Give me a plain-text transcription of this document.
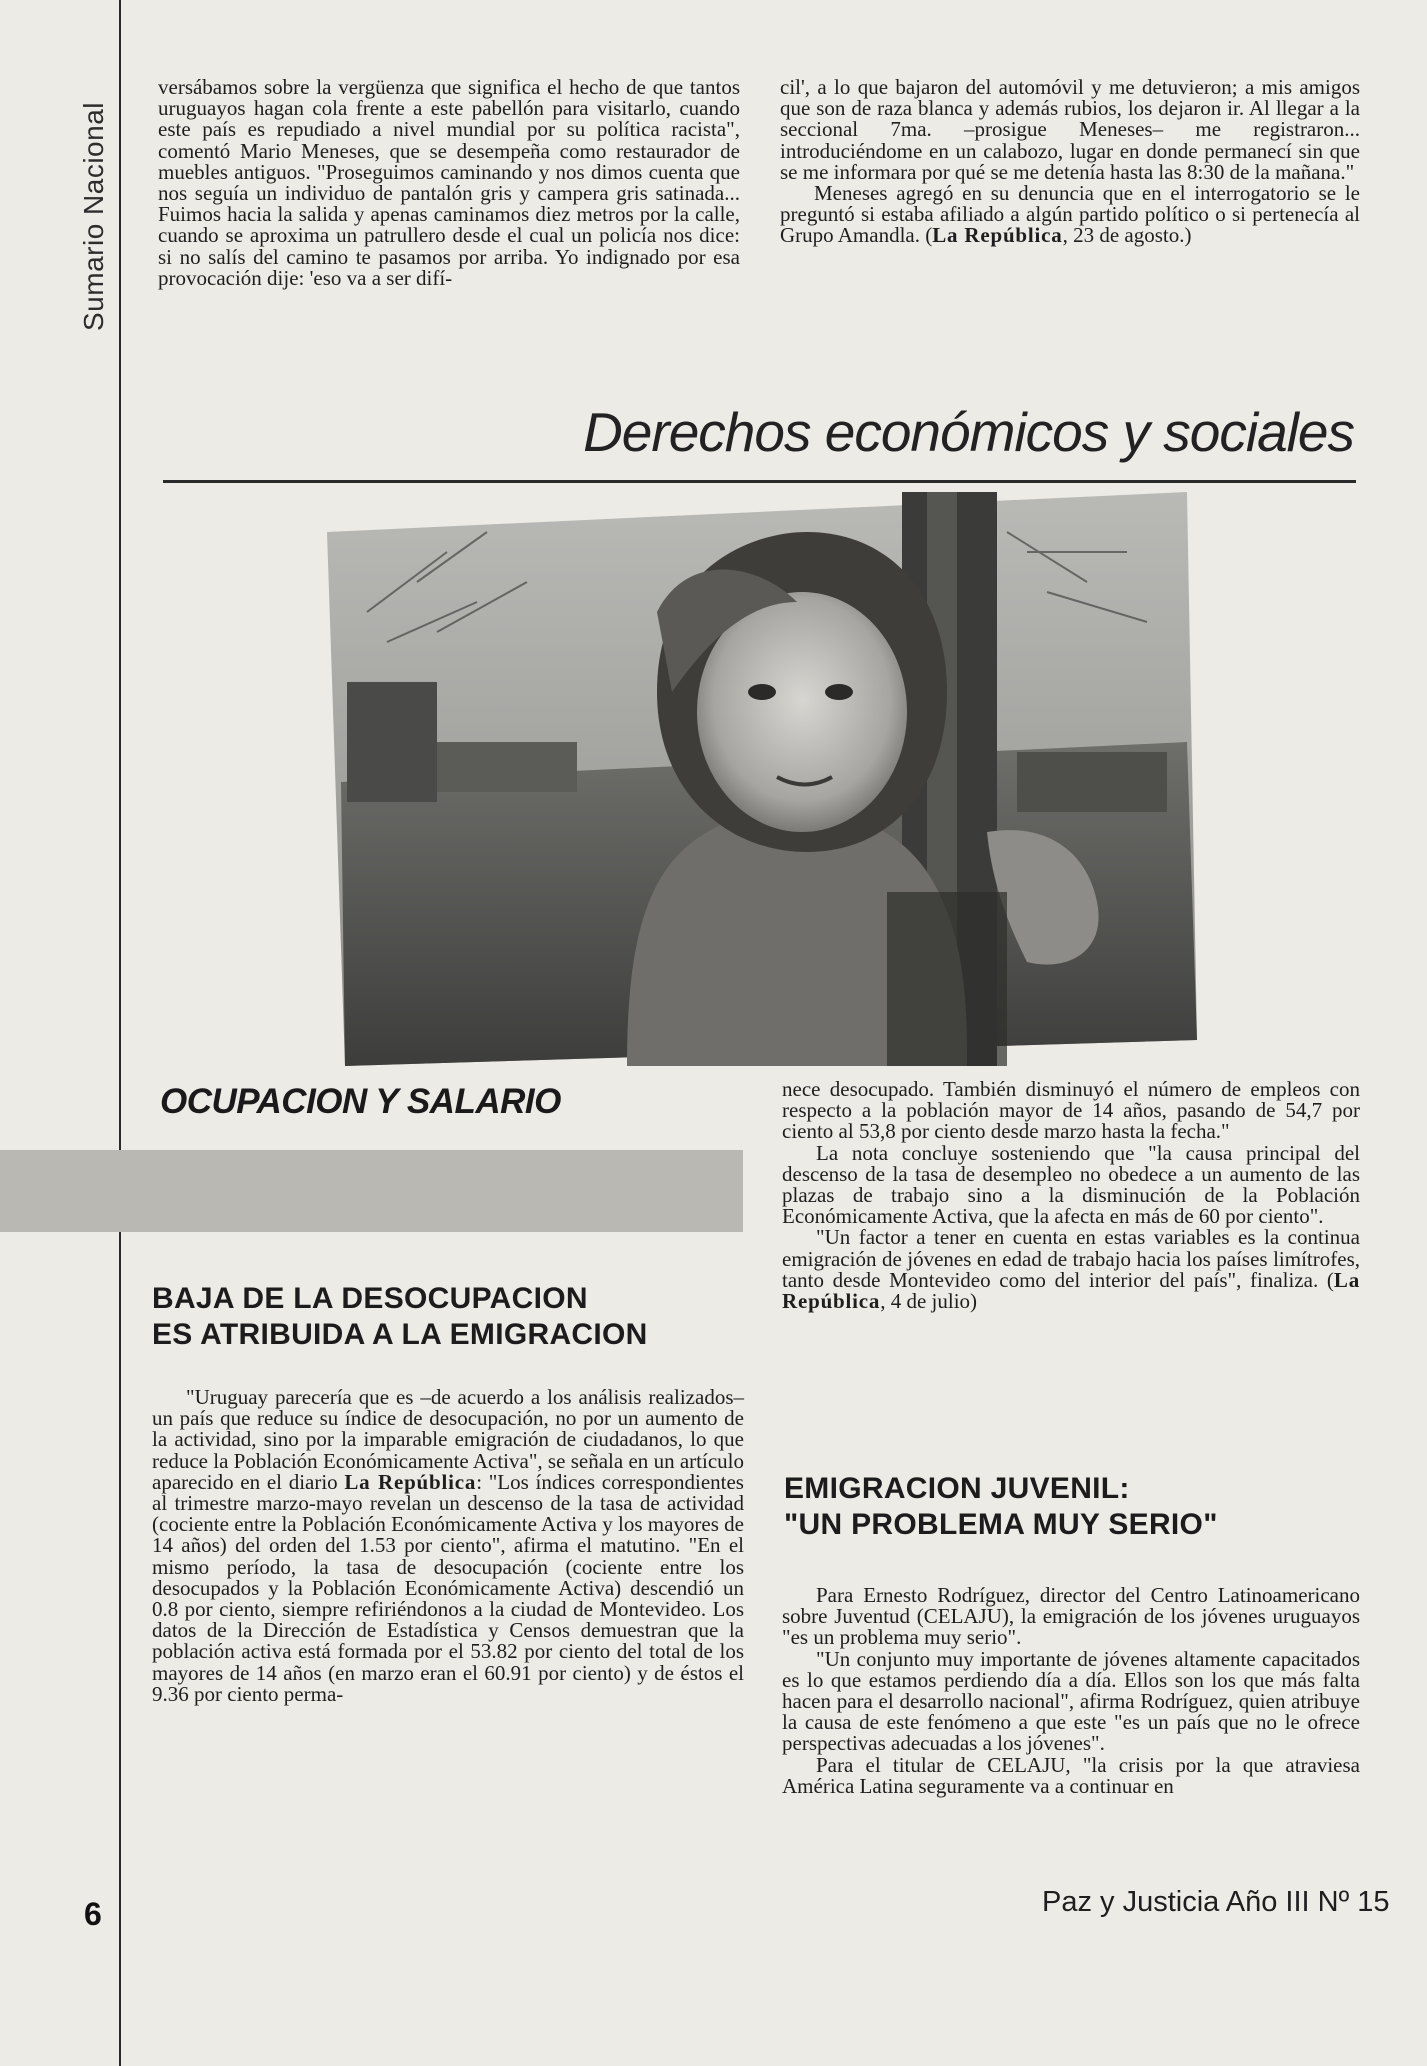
Sumario Nacional

versábamos sobre la vergüenza que significa el hecho de que tantos uruguayos hagan cola frente a este pabellón para visitarlo, cuando este país es repudiado a nivel mundial por su política racista", comentó Mario Meneses, que se desempeña como restaurador de muebles antiguos. "Proseguimos caminando y nos dimos cuenta que nos seguía un individuo de pantalón gris y campera gris satinada... Fuimos hacia la salida y apenas caminamos diez metros por la calle, cuando se aproxima un patrullero desde el cual un policía nos dice: si no salís del camino te pasamos por arriba. Yo indignado por esa provocación dije: 'eso va a ser difí-

cil', a lo que bajaron del automóvil y me detuvieron; a mis amigos que son de raza blanca y además rubios, los dejaron ir. Al llegar a la seccional 7ma. –prosigue Meneses– me registraron... introduciéndome en un calabozo, lugar en donde permanecí sin que se me informara por qué se me detenía hasta las 8:30 de la mañana."

Meneses agregó en su denuncia que en el interrogatorio se le preguntó si estaba afiliado a algún partido político o si pertenecía al Grupo Amandla. (La República, 23 de agosto.)

Derechos económicos y sociales
OCUPACION Y SALARIO
BAJA DE LA DESOCUPACION
ES ATRIBUIDA A LA EMIGRACION

"Uruguay parecería que es –de acuerdo a los análisis realizados– un país que reduce su índice de desocupación, no por un aumento de la actividad, sino por la imparable emigración de ciudadanos, lo que reduce la Población Económicamente Activa", se señala en un artículo aparecido en el diario La República: "Los índices correspondientes al trimestre marzo-mayo revelan un descenso de la tasa de actividad (cociente entre la Población Económicamente Activa y los mayores de 14 años) del orden del 1.53 por ciento", afirma el matutino. "En el mismo período, la tasa de desocupación (cociente entre los desocupados y la Población Económicamente Activa) descendió un 0.8 por ciento, siempre refiriéndonos a la ciudad de Montevideo. Los datos de la Dirección de Estadística y Censos demuestran que la población activa está formada por el 53.82 por ciento del total de los mayores de 14 años (en marzo eran el 60.91 por ciento) y de éstos el 9.36 por ciento perma-

nece desocupado. También disminuyó el número de empleos con respecto a la población mayor de 14 años, pasando de 54,7 por ciento al 53,8 por ciento desde marzo hasta la fecha."

La nota concluye sosteniendo que "la causa principal del descenso de la tasa de desempleo no obedece a un aumento de las plazas de trabajo sino a la disminución de la Población Económicamente Activa, que la afecta en más de 60 por ciento".

"Un factor a tener en cuenta en estas variables es la continua emigración de jóvenes en edad de trabajo hacia los países limítrofes, tanto desde Montevideo como del interior del país", finaliza. (La República, 4 de julio)

EMIGRACION JUVENIL:
"UN PROBLEMA MUY SERIO"

Para Ernesto Rodríguez, director del Centro Latinoamericano sobre Juventud (CELAJU), la emigración de los jóvenes uruguayos "es un problema muy serio".

"Un conjunto muy importante de jóvenes altamente capacitados es lo que estamos perdiendo día a día. Ellos son los que más falta hacen para el desarrollo nacional", afirma Rodríguez, quien atribuye la causa de este fenómeno a que este "es un país que no le ofrece perspectivas adecuadas a los jóvenes".

Para el titular de CELAJU, "la crisis por la que atraviesa América Latina seguramente va a continuar en

6	Paz y Justicia Año III Nº 15
